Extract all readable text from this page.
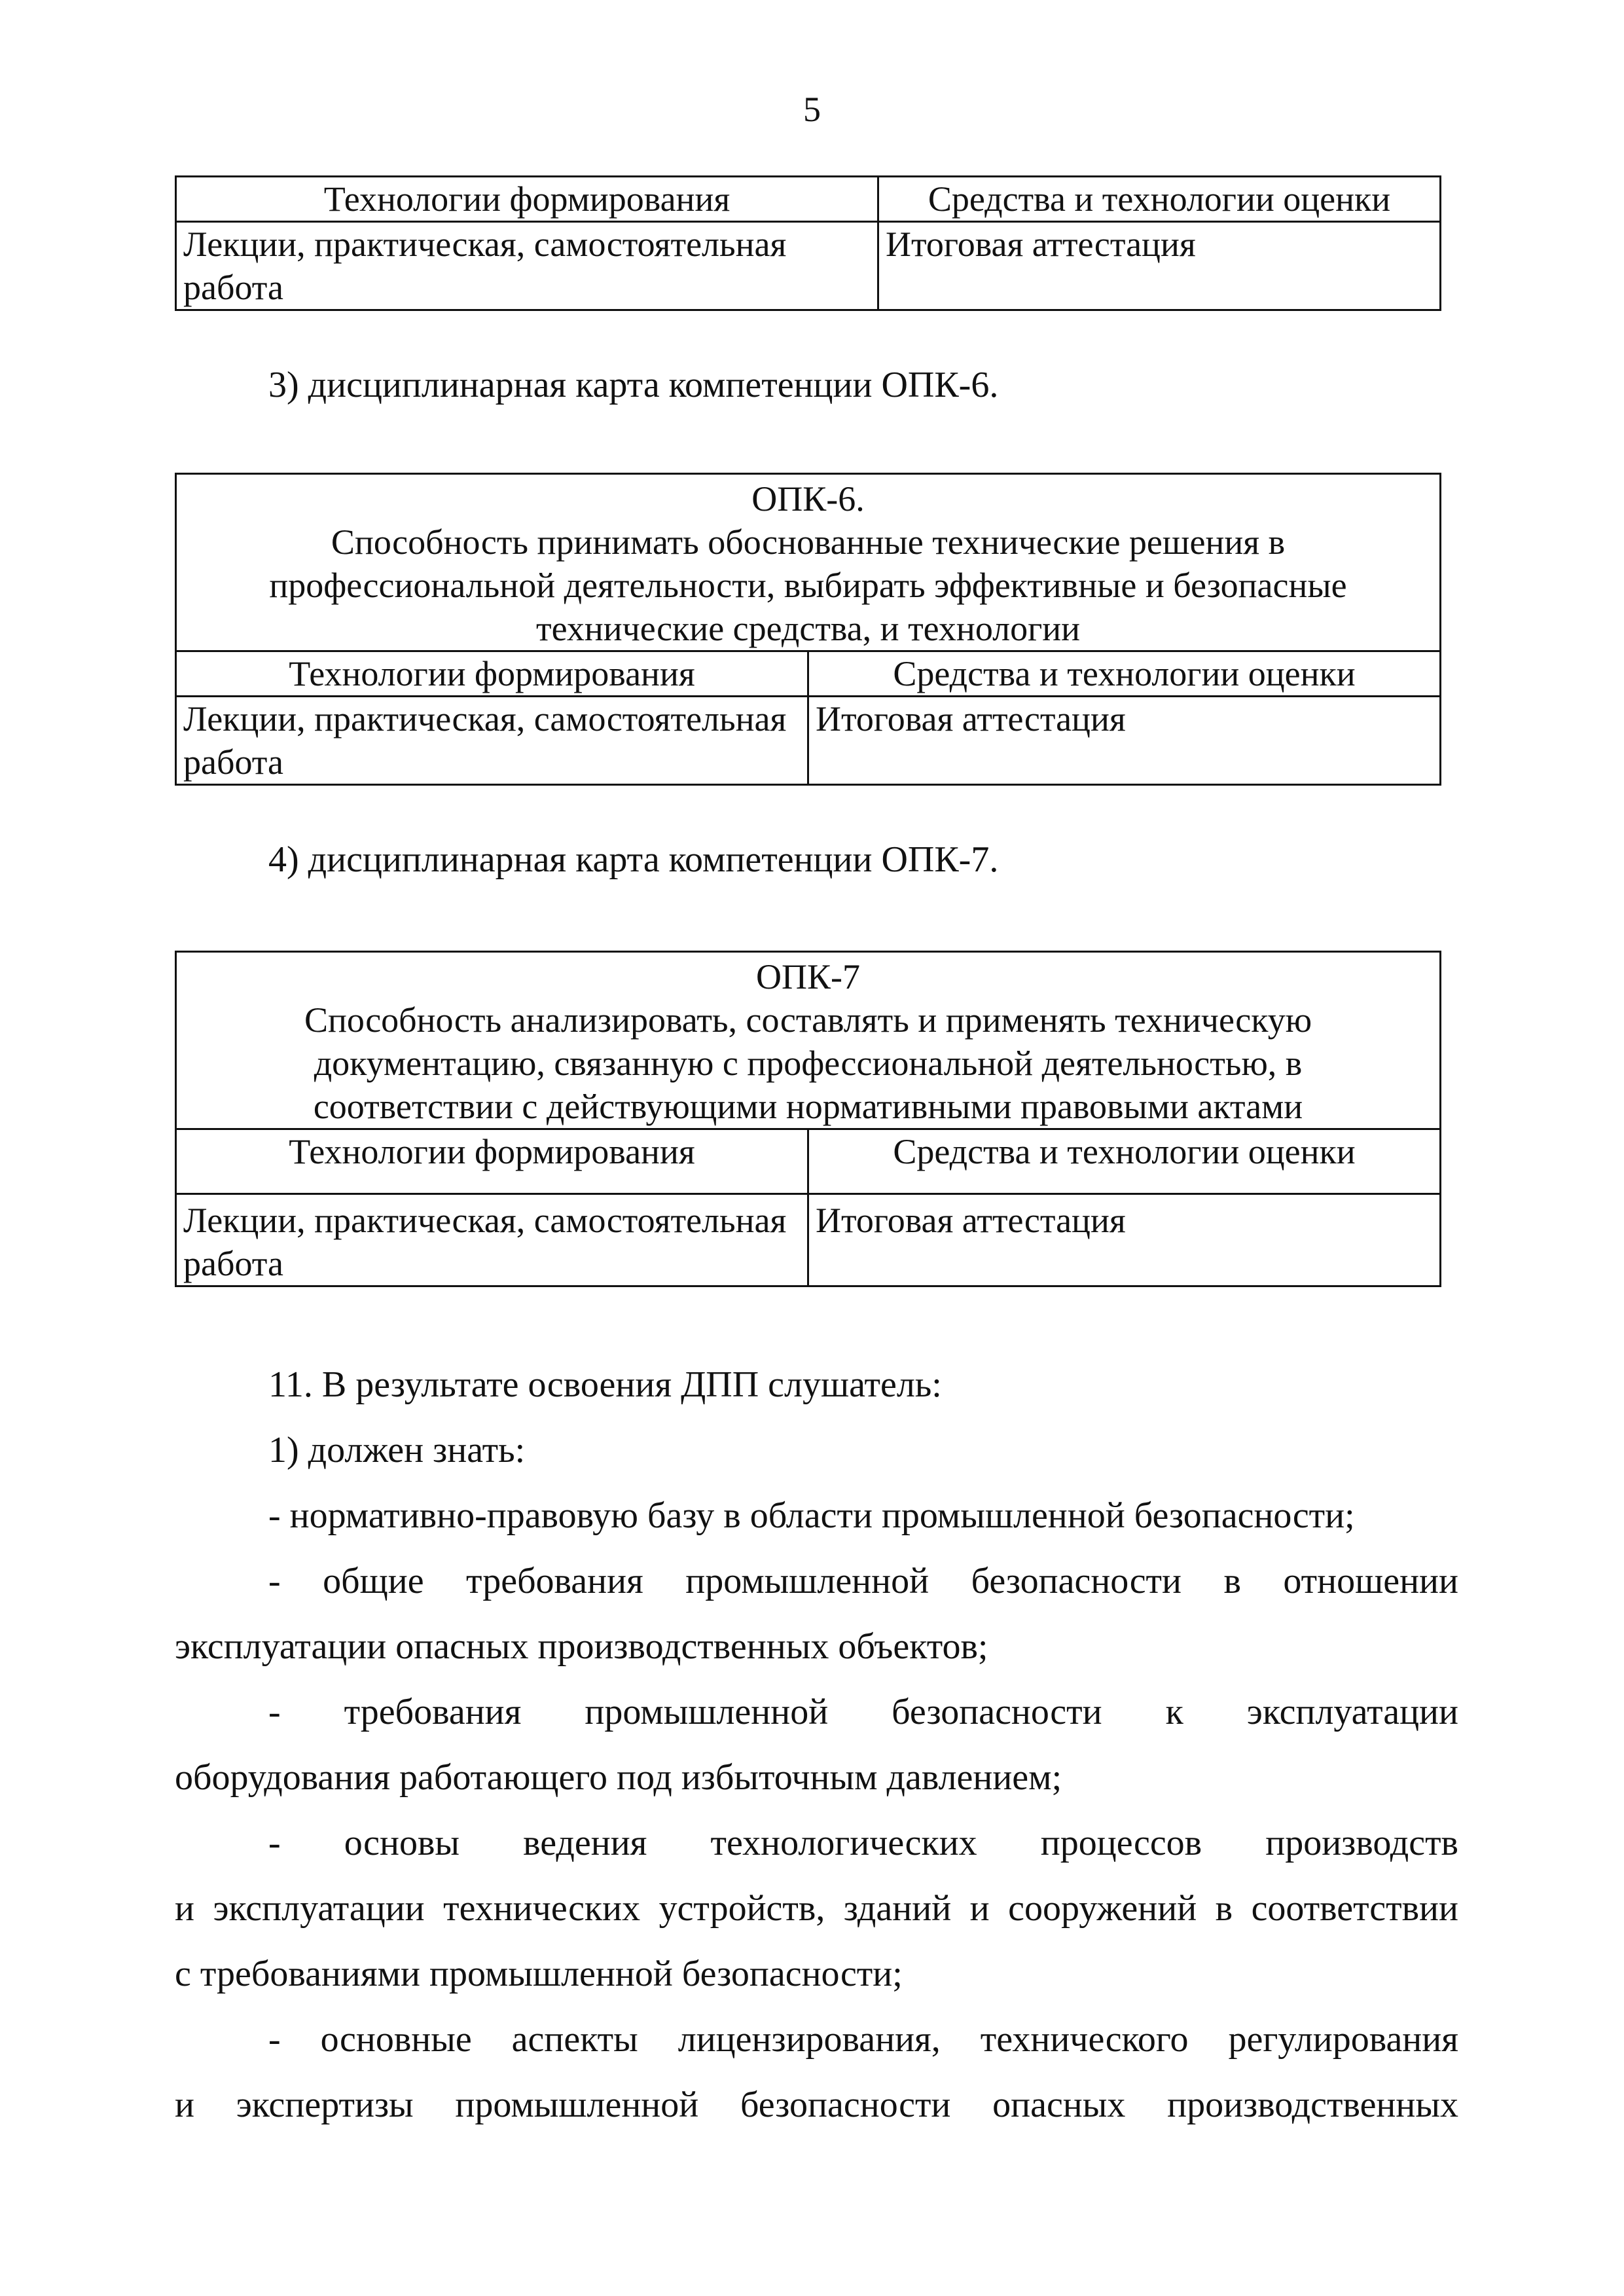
5
Технологии формирования	Средства и технологии оценки

Лекции, практическая, самостоятельная
работа	Итоговая аттестация
3) дисциплинарная карта компетенции ОПК-6.
ОПК-6.
Способность принимать обоснованные технические решения в
профессиональной деятельности, выбирать эффективные и безопасные
технические средства, и технологии	

Технологии формирования	Средства и технологии оценки

Лекции, практическая, самостоятельная
работа	Итоговая аттестация
4) дисциплинарная карта компетенции ОПК-7.
ОПК-7
Способность анализировать, составлять и применять техническую
документацию, связанную с профессиональной деятельностью, в
соответствии с действующими нормативными правовыми актами	

Технологии формирования	Средства и технологии оценки

Лекции, практическая, самостоятельная
работа	Итоговая аттестация
11. В результате освоения ДПП слушатель:
1) должен знать:
- нормативно-правовую базу в области промышленной безопасности;
- общие требования промышленной безопасности в отношении
эксплуатации опасных производственных объектов;
- требования промышленной безопасности к эксплуатации
оборудования работающего под избыточным давлением;
- основы ведения технологических процессов производств
и эксплуатации технических устройств, зданий и сооружений в соответствии
с требованиями промышленной безопасности;
- основные аспекты лицензирования, технического регулирования
и экспертизы промышленной безопасности опасных производственных
